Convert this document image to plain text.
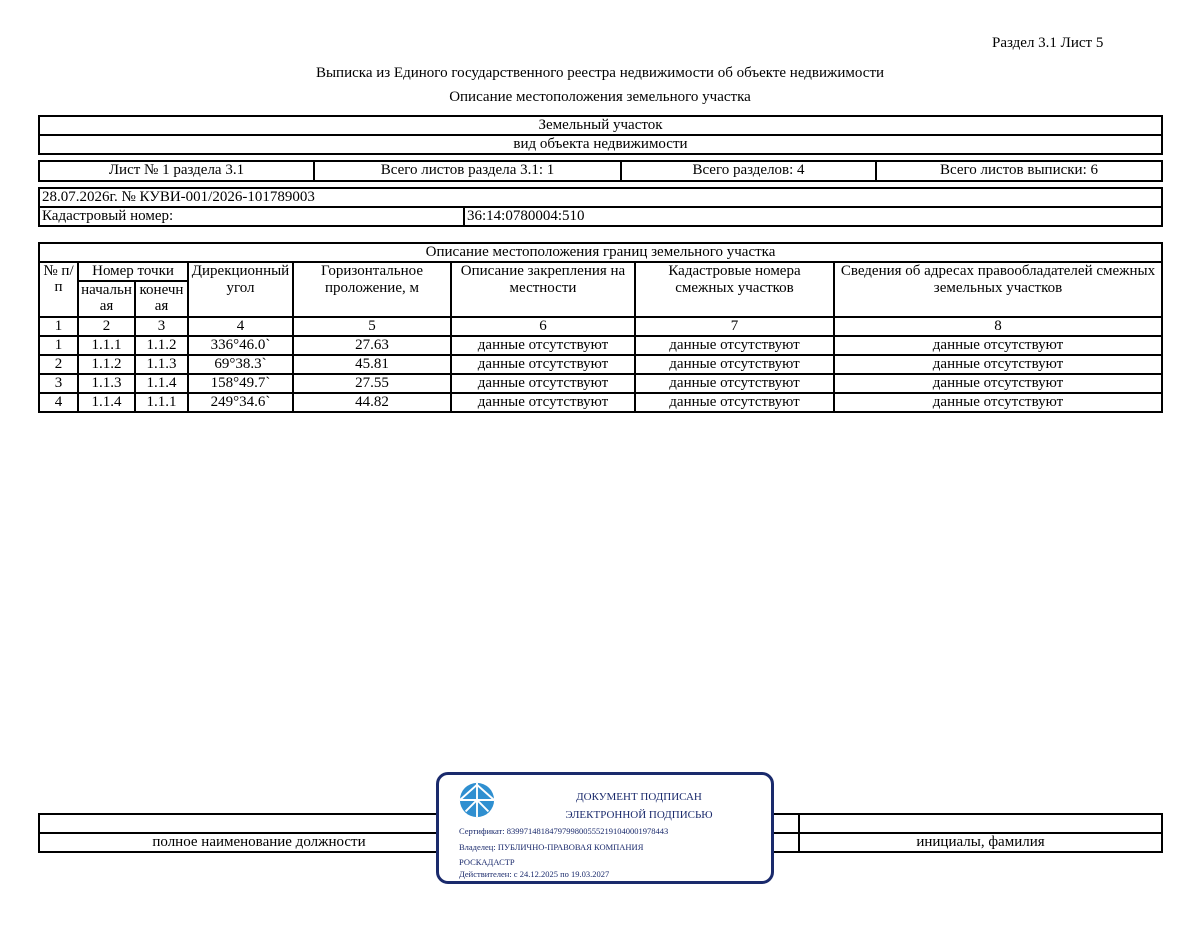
Раздел 3.1 Лист 5
Выписка из Единого государственного реестра недвижимости об объекте недвижимости
Описание местоположения земельного участка
Земельный участок
вид объекта недвижимости
Лист № 1 раздела 3.1	Всего листов раздела 3.1: 1	Всего разделов: 4	Всего листов выписки: 6
28.07.2026г. № КУВИ-001/2026-101789003
Кадастровый номер:	36:14:0780004:510
Описание местоположения границ земельного участка							
№ п/п	Номер точки		Дирекционный угол	Горизонтальное проложение, м	Описание закрепления на местности	Кадастровые номера смежных участков	Сведения об адресах правообладателей смежных земельных участков
	начальн ая	конечн ая					
1	2	3	4	5	6	7	8
1	1.1.1	1.1.2	336°46.0`	27.63	данные отсутствуют	данные отсутствуют	данные отсутствуют
2	1.1.2	1.1.3	69°38.3`	45.81	данные отсутствуют	данные отсутствуют	данные отсутствуют
3	1.1.3	1.1.4	158°49.7`	27.55	данные отсутствуют	данные отсутствуют	данные отсутствуют
4	1.1.4	1.1.1	249°34.6`	44.82	данные отсутствуют	данные отсутствуют	данные отсутствуют

полное наименование должности		инициалы, фамилия
ДОКУМЕНТ ПОДПИСАН
ЭЛЕКТРОННОЙ ПОДПИСЬЮ
Сертификат: 8399714818479799800555219104000197844З
Владелец: ПУБЛИЧНО-ПРАВОВАЯ КОМПАНИЯ
РОСКАДАСТР
Действителен: с 24.12.2025 по 19.03.2027
